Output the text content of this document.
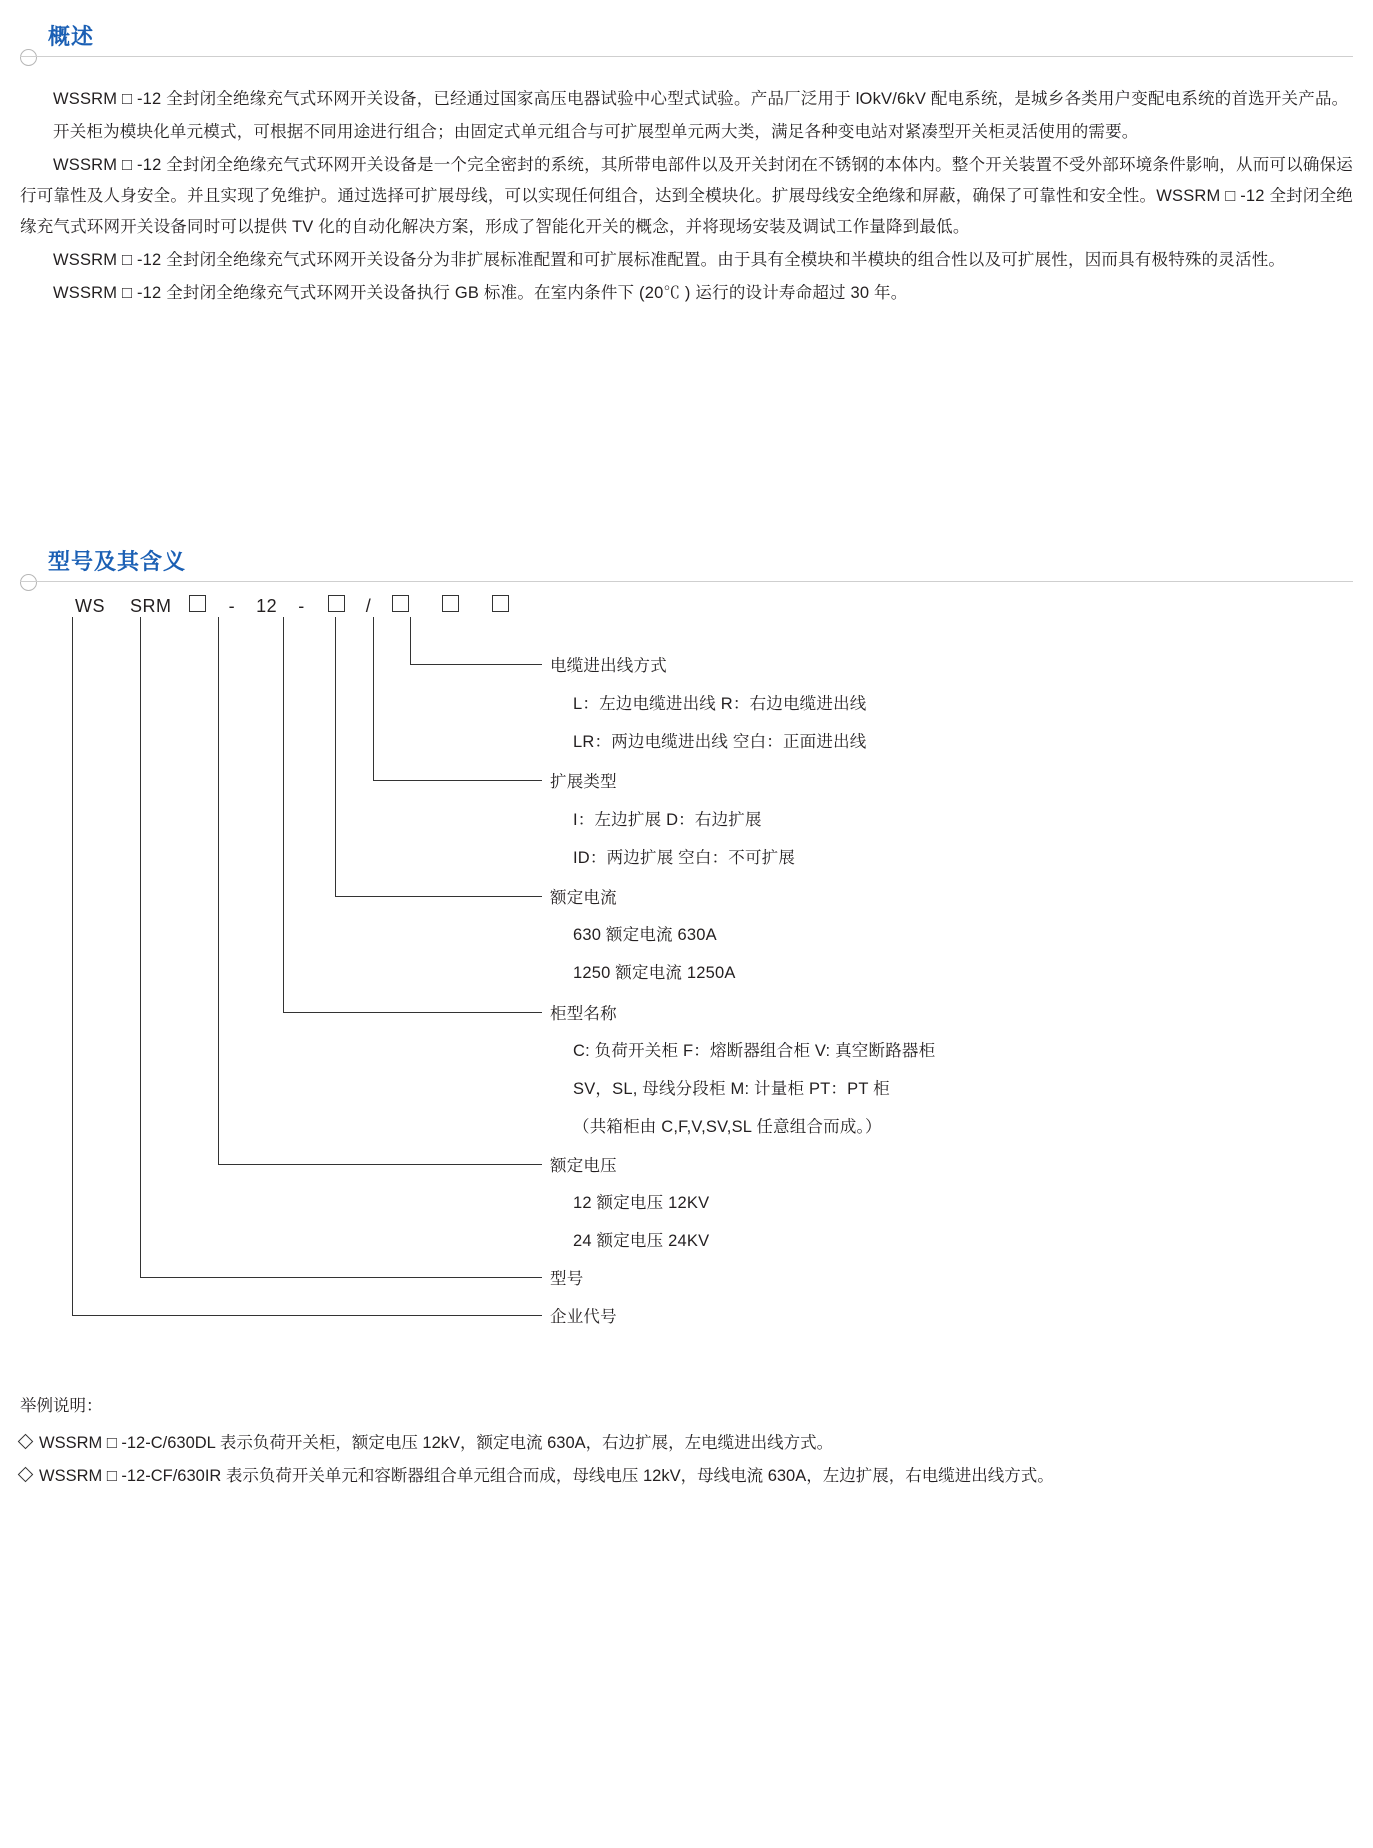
概述

WSSRM □ -12 全封闭全绝缘充气式环网开关设备，已经通过国家高压电器试验中心型式试验。产品厂泛用于 lOkV/6kV 配电系统，是城乡各类用户变配电系统的首选开关产品。

开关柜为模块化单元模式，可根据不同用途进行组合；由固定式单元组合与可扩展型单元两大类，满足各种变电站对紧凑型开关柜灵活使用的需要。

WSSRM □ -12 全封闭全绝缘充气式环网开关设备是一个完全密封的系统，其所带电部件以及开关封闭在不锈钢的本体内。整个开关装置不受外部环境条件影响，从而可以确保运行可靠性及人身安全。并且实现了免维护。通过选择可扩展母线，可以实现任何组合，达到全模块化。扩展母线安全绝缘和屏蔽，确保了可靠性和安全性。WSSRM □ -12 全封闭全绝缘充气式环网开关设备同时可以提供 TV 化的自动化解决方案，形成了智能化开关的概念，并将现场安装及调试工作量降到最低。

WSSRM □ -12 全封闭全绝缘充气式环网开关设备分为非扩展标准配置和可扩展标准配置。由于具有全模块和半模块的组合性以及可扩展性，因而具有极特殊的灵活性。

WSSRM □ -12 全封闭全绝缘充气式环网开关设备执行 GB 标准。在室内条件下 (20℃ ) 运行的设计寿命超过 30 年。

型号及其含义
WS SRM	- 12 -	/
电缆进出线方式
L：左边电缆进出线 R：右边电缆进出线
LR：两边电缆进出线 空白：正面进出线
扩展类型
I：左边扩展 D：右边扩展
ID：两边扩展 空白：不可扩展
额定电流
630 额定电流 630A
1250 额定电流 1250A
柜型名称
C: 负荷开关柜 F：熔断器组合柜 V: 真空断路器柜
SV，SL, 母线分段柜 M: 计量柜 PT：PT 柜
（共箱柜由 C,F,V,SV,SL 任意组合而成。）
额定电压
12 额定电压 12KV
24 额定电压 24KV
型号
企业代号
举例说明：
WSSRM □ -12-C/630DL 表示负荷开关柜，额定电压 12kV，额定电流 630A，右边扩展，左电缆进出线方式。
WSSRM □ -12-CF/630IR 表示负荷开关单元和容断器组合单元组合而成，母线电压 12kV，母线电流 630A，左边扩展，右电缆进出线方式。
